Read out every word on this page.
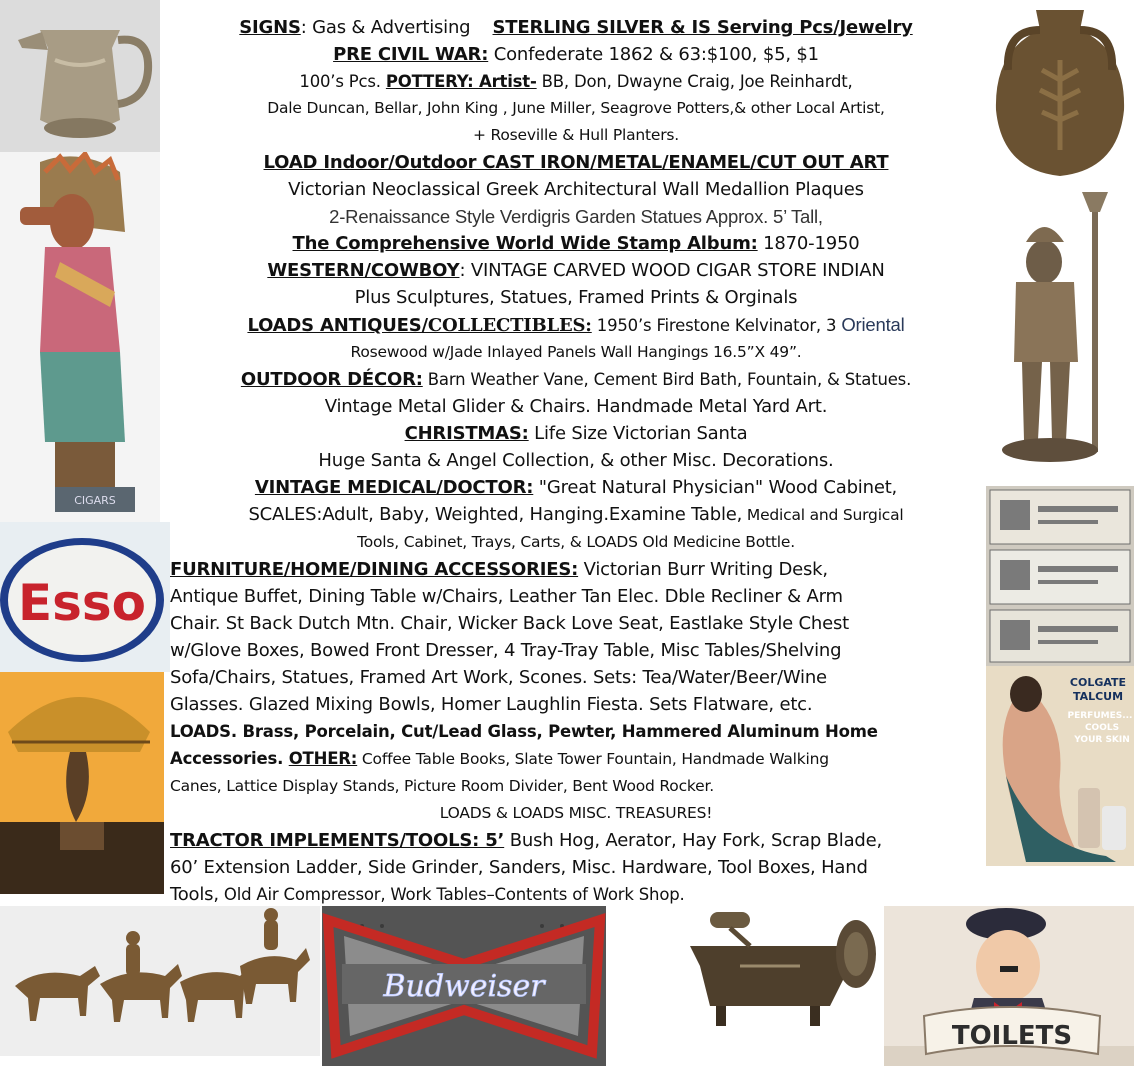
CIGARS
Esso
COLGATE
TALCUM
PERFUMES...
COOLS
YOUR SKIN
Budweiser
TOILETS

SIGNS: Gas & Advertising    STERLING SILVER & IS Serving Pcs/Jewelry

PRE CIVIL WAR: Confederate 1862 & 63:$100, $5, $1

100’s Pcs. POTTERY: Artist- BB, Don, Dwayne Craig, Joe Reinhardt,

Dale Duncan, Bellar, John King , June Miller, Seagrove Potters,& other Local Artist,

+ Roseville & Hull Planters.

LOAD Indoor/Outdoor CAST IRON/METAL/ENAMEL/CUT OUT ART

Victorian Neoclassical Greek Architectural Wall Medallion Plaques

2-Renaissance Style Verdigris Garden Statues Approx. 5’ Tall,

The Comprehensive World Wide Stamp Album: 1870-1950

WESTERN/COWBOY: VINTAGE CARVED WOOD CIGAR STORE INDIAN

Plus Sculptures, Statues, Framed Prints & Orginals

LOADS ANTIQUES/COLLECTIBLES: 1950’s Firestone Kelvinator, 3 Oriental

Rosewood w/Jade Inlayed Panels Wall Hangings 16.5”X 49”.

OUTDOOR DÉCOR: Barn Weather Vane, Cement Bird Bath, Fountain, & Statues.

Vintage Metal Glider & Chairs. Handmade Metal Yard Art.

CHRISTMAS: Life Size Victorian Santa

Huge Santa & Angel Collection, & other Misc. Decorations.

VINTAGE MEDICAL/DOCTOR: "Great Natural Physician" Wood Cabinet,

SCALES:Adult, Baby, Weighted, Hanging.Examine Table, Medical and Surgical

Tools, Cabinet, Trays, Carts, & LOADS Old Medicine Bottle.

FURNITURE/HOME/DINING ACCESSORIES: Victorian Burr Writing Desk,

Antique Buffet, Dining Table w/Chairs, Leather Tan Elec. Dble Recliner & Arm

Chair. St Back Dutch Mtn. Chair, Wicker Back Love Seat, Eastlake Style Chest

w/Glove Boxes, Bowed Front Dresser, 4 Tray-Tray Table, Misc Tables/Shelving

Sofa/Chairs, Statues, Framed Art Work, Scones. Sets: Tea/Water/Beer/Wine

Glasses. Glazed Mixing Bowls, Homer Laughlin Fiesta. Sets Flatware, etc.

LOADS. Brass, Porcelain, Cut/Lead Glass, Pewter, Hammered Aluminum Home

Accessories. OTHER: Coffee Table Books, Slate Tower Fountain, Handmade Walking

Canes, Lattice Display Stands, Picture Room Divider, Bent Wood Rocker.

LOADS & LOADS MISC. TREASURES!

TRACTOR IMPLEMENTS/TOOLS: 5’ Bush Hog, Aerator, Hay Fork, Scrap Blade,

60’ Extension Ladder, Side Grinder, Sanders, Misc. Hardware, Tool Boxes, Hand

Tools, Old Air Compressor, Work Tables–Contents of Work Shop.
